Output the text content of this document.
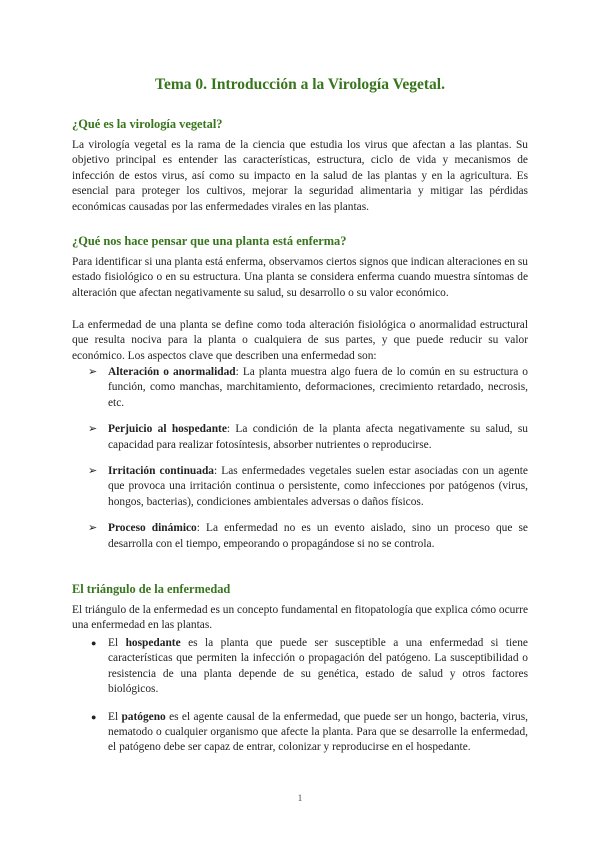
Tema 0. Introducción a la Virología Vegetal.
¿Qué es la virología vegetal?

La virología vegetal es la rama de la ciencia que estudia los virus que afectan a las plantas. Su objetivo principal es entender las características, estructura, ciclo de vida y mecanismos de infección de estos virus, así como su impacto en la salud de las plantas y en la agricultura. Es esencial para proteger los cultivos, mejorar la seguridad alimentaria y mitigar las pérdidas económicas causadas por las enfermedades virales en las plantas.

¿Qué nos hace pensar que una planta está enferma?

Para identificar si una planta está enferma, observamos ciertos signos que indican alteraciones en su estado fisiológico o en su estructura. Una planta se considera enferma cuando muestra síntomas de alteración que afectan negativamente su salud, su desarrollo o su valor económico.

La enfermedad de una planta se define como toda alteración fisiológica o anormalidad estructural que resulta nociva para la planta o cualquiera de sus partes, y que puede reducir su valor económico. Los aspectos clave que describen una enfermedad son:

➢ Alteración o anormalidad: La planta muestra algo fuera de lo común en su estructura o función, como manchas, marchitamiento, deformaciones, crecimiento retardado, necrosis, etc.
➢ Perjuicio al hospedante: La condición de la planta afecta negativamente su salud, su capacidad para realizar fotosíntesis, absorber nutrientes o reproducirse.
➢ Irritación continuada: Las enfermedades vegetales suelen estar asociadas con un agente que provoca una irritación continua o persistente, como infecciones por patógenos (virus, hongos, bacterias), condiciones ambientales adversas o daños físicos.
➢ Proceso dinámico: La enfermedad no es un evento aislado, sino un proceso que se desarrolla con el tiempo, empeorando o propagándose si no se controla.
El triángulo de la enfermedad

El triángulo de la enfermedad es un concepto fundamental en fitopatología que explica cómo ocurre una enfermedad en las plantas.

● El hospedante es la planta que puede ser susceptible a una enfermedad si tiene características que permiten la infección o propagación del patógeno. La susceptibilidad o resistencia de una planta depende de su genética, estado de salud y otros factores biológicos.
● El patógeno es el agente causal de la enfermedad, que puede ser un hongo, bacteria, virus, nematodo o cualquier organismo que afecte la planta. Para que se desarrolle la enfermedad, el patógeno debe ser capaz de entrar, colonizar y reproducirse en el hospedante.
1
